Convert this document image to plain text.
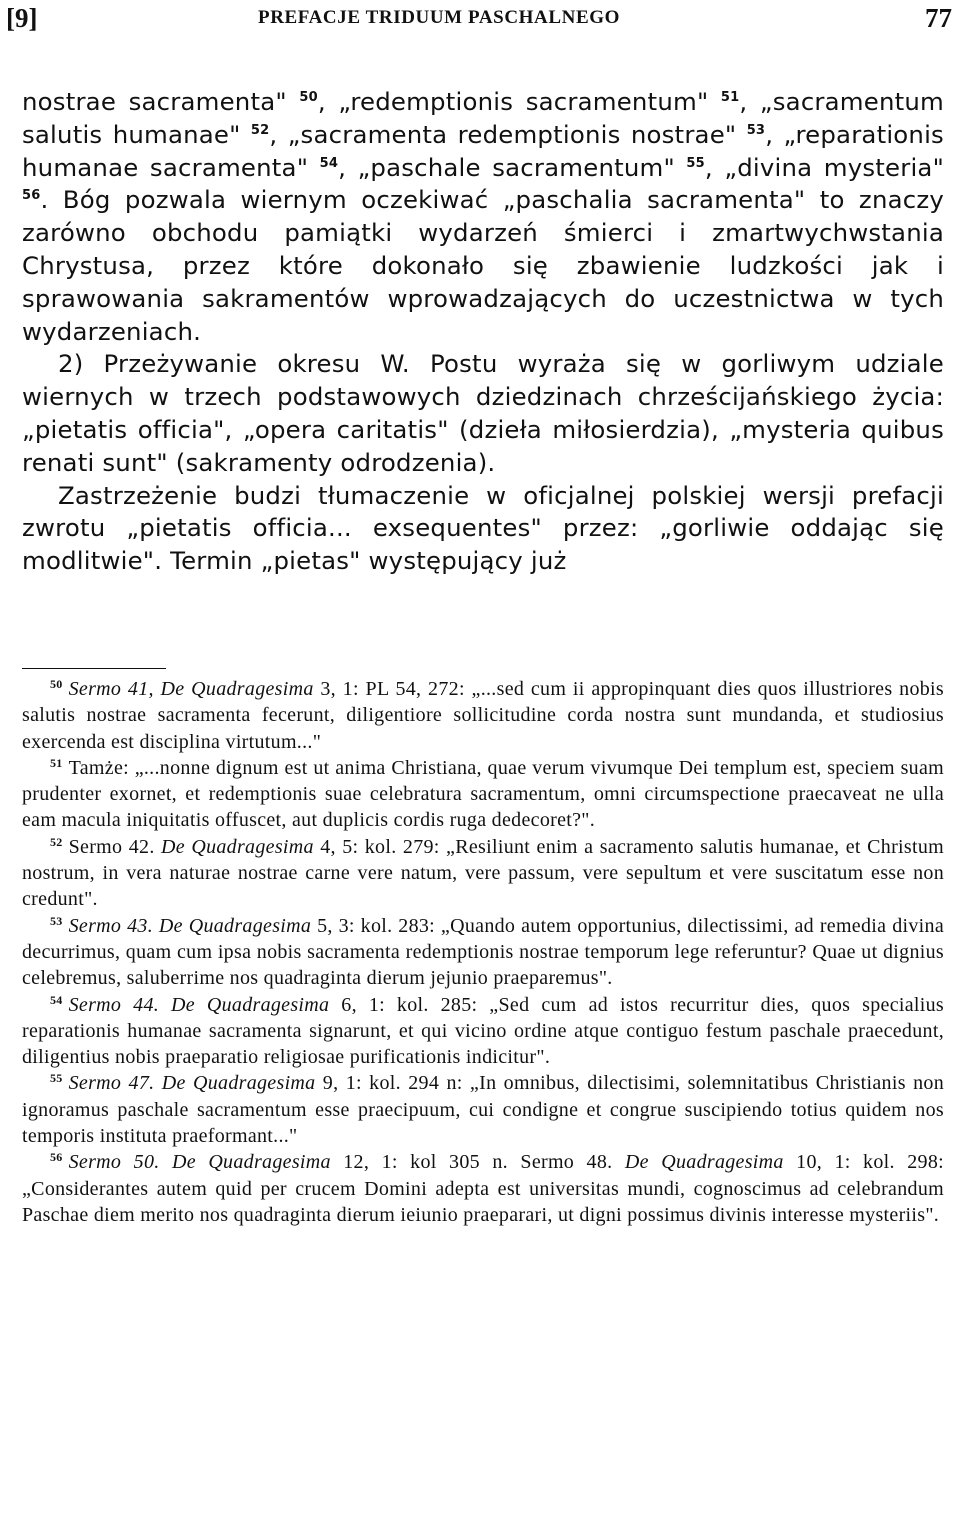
[9]	PREFACJE TRIDUUM PASCHALNEGO	77

nostrae sacramenta" $^{50}$, „redemptionis sacramentum" $^{51}$, „sacramentum salutis humanae" $^{52}$, „sacramenta redemptionis nostrae" $^{53}$, „reparationis humanae sacramenta" $^{54}$, „paschale sacramentum" $^{55}$, „divina mysteria" $^{56}$. Bóg pozwala wiernym oczekiwać „paschalia sacramenta" to znaczy zarówno obchodu pamiątki wydarzeń śmierci i zmartwychwstania Chrystusa, przez które dokonało się zbawienie ludzkości jak i sprawowania sakramentów wprowadzających do uczestnictwa w tych wydarzeniach.

2) Przeżywanie okresu W. Postu wyraża się w gorliwym udziale wiernych w trzech podstawowych dziedzinach chrześcijańskiego życia: „pietatis officia", „opera caritatis" (dzieła miłosierdzia), „mysteria quibus renati sunt" (sakramenty odrodzenia).

Zastrzeżenie budzi tłumaczenie w oficjalnej polskiej wersji prefacji zwrotu „pietatis officia... exsequentes" przez: „gorliwie oddając się modlitwie". Termin „pietas" występujący już

$^{50}$ Sermo 41, De Quadragesima 3, 1: PL 54, 272: „...sed cum ii appropinquant dies quos illustriores nobis salutis nostrae sacramenta fecerunt, diligentiore sollicitudine corda nostra sunt mundanda, et studiosius exercenda est disciplina virtutum..."

$^{51}$ Tamże: „...nonne dignum est ut anima Christiana, quae verum vivumque Dei templum est, speciem suam prudenter exornet, et redemptionis suae celebratura sacramentum, omni circumspectione praecaveat ne ulla eam macula iniquitatis offuscet, aut duplicis cordis ruga dedecoret?".

$^{52}$ Sermo 42. De Quadragesima 4, 5: kol. 279: „Resiliunt enim a sacramento salutis humanae, et Christum nostrum, in vera naturae nostrae carne vere natum, vere passum, vere sepultum et vere suscitatum esse non credunt".

$^{53}$ Sermo 43. De Quadragesima 5, 3: kol. 283: „Quando autem opportunius, dilectissimi, ad remedia divina decurrimus, quam cum ipsa nobis sacramenta redemptionis nostrae temporum lege referuntur? Quae ut dignius celebremus, saluberrime nos quadraginta dierum jejunio praeparemus".

$^{54}$ Sermo 44. De Quadragesima 6, 1: kol. 285: „Sed cum ad istos recurritur dies, quos specialius reparationis humanae sacramenta signarunt, et qui vicino ordine atque contiguo festum paschale praecedunt, diligentius nobis praeparatio religiosae purificationis indicitur".

$^{55}$ Sermo 47. De Quadragesima 9, 1: kol. 294 n: „In omnibus, dilectisimi, solemnitatibus Christianis non ignoramus paschale sacramentum esse praecipuum, cui condigne et congrue suscipiendo totius quidem nos temporis instituta praeformant..."

$^{56}$ Sermo 50. De Quadragesima 12, 1: kol 305 n. Sermo 48. De Quadragesima 10, 1: kol. 298: „Considerantes autem quid per crucem Domini adepta est universitas mundi, cognoscimus ad celebrandum Paschae diem merito nos quadraginta dierum ieiunio praeparari, ut digni possimus divinis interesse mysteriis".
